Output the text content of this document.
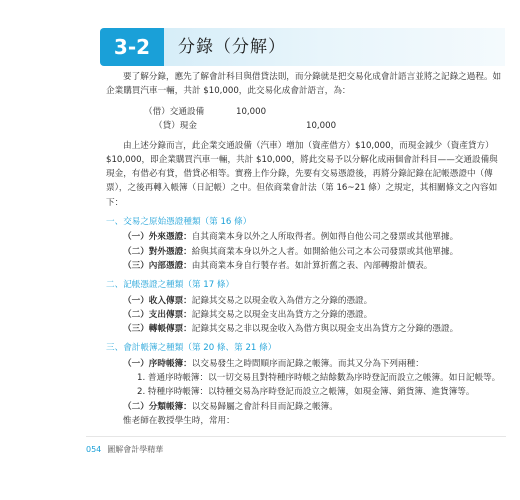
3-2	分錄（分解）

要了解分錄，應先了解會計科目與借貸法則，而分錄就是把交易化成會計語言並將之記錄之過程。如企業購買汽車一輛，共計 $10,000，此交易化成會計語言，為：

（借）交通設備	10,000
（貸）現金	10,000

由上述分錄而言，此企業交通設備（汽車）增加（資產借方）$10,000，而現金減少（資產貸方）$10,000，即企業購買汽車一輛，共計 $10,000，將此交易予以分解化成兩個會計科目——交通設備與現金，有借必有貸，借貸必相等。實務上作分錄，先要有交易憑證後，再將分錄記錄在記帳憑證中（傳票），之後再轉入帳簿（日記帳）之中。但依商業會計法（第 16~21 條）之規定，其相關條文之內容如下：

一、交易之原始憑證種類（第 16 條）

（一）外來憑證：自其商業本身以外之人所取得者。例如得自他公司之發票或其他單據。

（二）對外憑證：給與其商業本身以外之人者。如開給他公司之本公司發票或其他單據。

（三）內部憑證：由其商業本身自行製存者。如計算折舊之表、內部轉撥計價表。

二、記帳憑證之種類（第 17 條）

（一）收入傳票：記錄其交易之以現金收入為借方之分錄的憑證。

（二）支出傳票：記錄其交易之以現金支出為貸方之分錄的憑證。

（三）轉帳傳票：記錄其交易之非以現金收入為借方與以現金支出為貸方之分錄的憑證。

三、會計帳簿之種類（第 20 條、第 21 條）

（一）序時帳簿：以交易發生之時間順序而記錄之帳簿。而其又分為下列兩種：

1. 普通序時帳簿：以一切交易且對特種序時帳之結餘數為序時登記而設立之帳簿。如日記帳等。

2. 特種序時帳簿：以特種交易為序時登記而設立之帳簿，如現金簿、銷貨簿、進貨簿等。

（二）分類帳簿：以交易歸屬之會計科目而記錄之帳簿。

惟老師在教授學生時，常用：

054 圖解會計學精華
